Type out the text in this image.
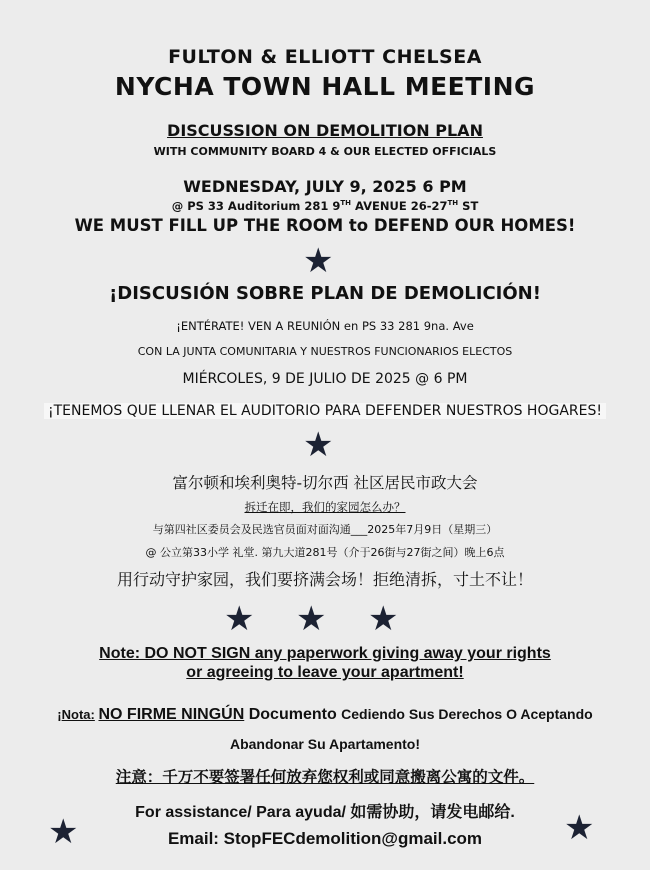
FULTON & ELLIOTT CHELSEA
NYCHA TOWN HALL MEETING
DISCUSSION ON DEMOLITION PLAN
WITH COMMUNITY BOARD 4 & OUR ELECTED OFFICIALS
WEDNESDAY, JULY 9, 2025 6 PM
@ PS 33 Auditorium 281 9TH AVENUE 26-27TH ST
WE MUST FILL UP THE ROOM to DEFEND OUR HOMES!
★
¡DISCUSIÓN SOBRE PLAN DE DEMOLICIÓN!
¡ENTÉRATE! VEN A REUNIÓN en PS 33 281 9na. Ave
CON LA JUNTA COMUNITARIA Y NUESTROS FUNCIONARIOS ELECTOS
MIÉRCOLES, 9 DE JULIO DE 2025 @ 6 PM
¡TENEMOS QUE LLENAR EL AUDITORIO PARA DEFENDER NUESTROS HOGARES!
★
富尔顿和埃利奥特-切尔西 社区居民市政大会
拆迁在即，我们的家园怎么办？
与第四社区委员会及民选官员面对面沟通___2025年7月9日（星期三）
@ 公立第33小学 礼堂. 第九大道281号（介于26街与27街之间）晚上6点
用行动守护家园，我们要挤满会场！拒绝清拆，寸土不让！
★ ★ ★
Note: DO NOT SIGN any paperwork giving away your rights
or agreeing to leave your apartment!
¡Nota: NO FIRME NINGÚN Documento Cediendo Sus Derechos O Aceptando
Abandonar Su Apartamento!
注意：千万不要签署任何放弃您权利或同意搬离公寓的文件。
For assistance/ Para ayuda/ 如需协助，请发电邮给.
★	★
Email: StopFECdemolition@gmail.com
